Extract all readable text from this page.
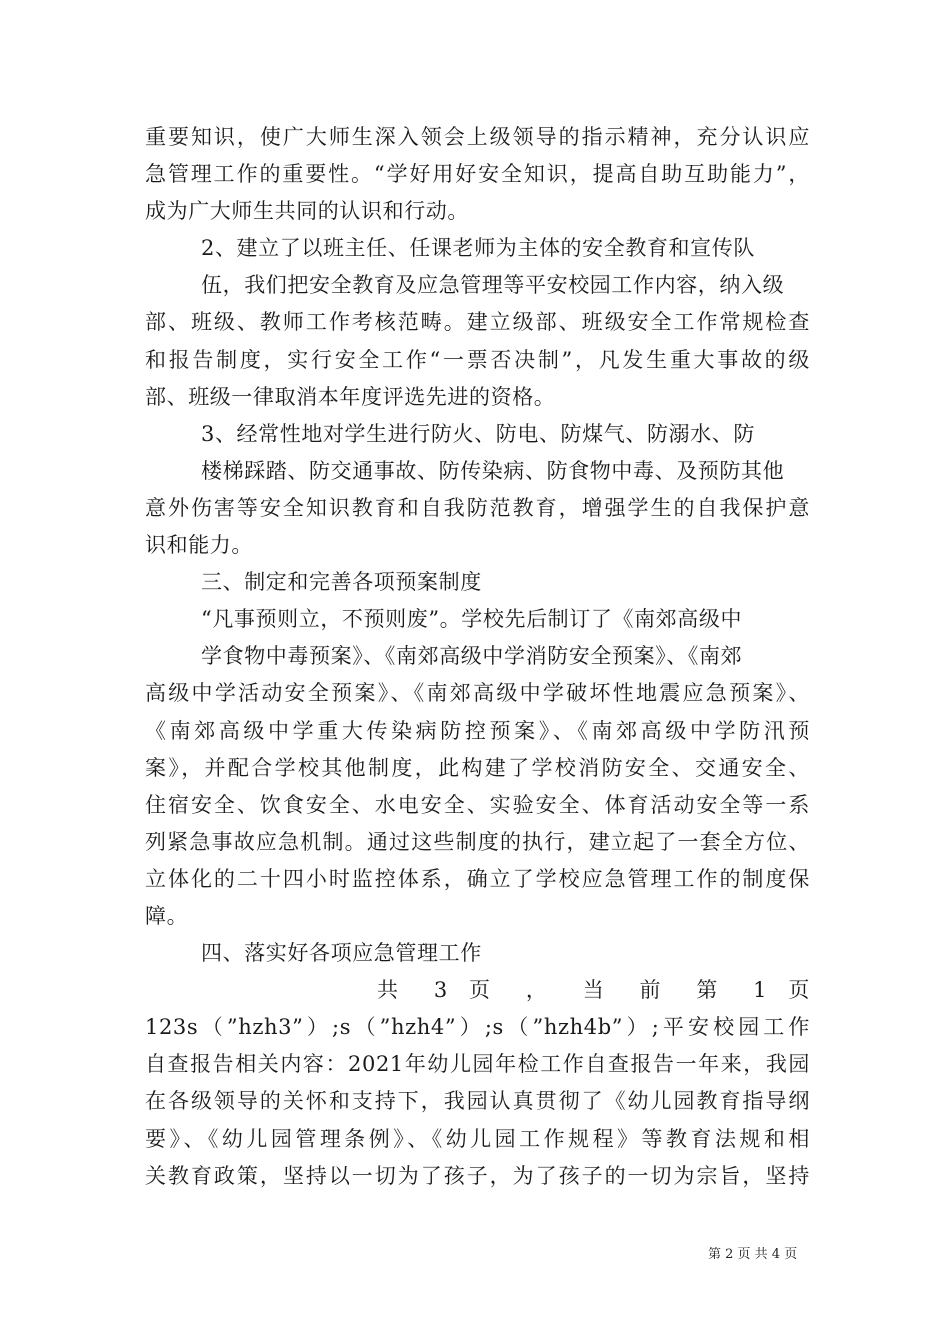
重要知识，使广大师生深入领会上级领导的指示精神，充分认识应
急管理工作的重要性。“学好用好安全知识，提高自助互助能力”，
成为广大师生共同的认识和行动。
2、建立了以班主任、任课老师为主体的安全教育和宣传队
伍，我们把安全教育及应急管理等平安校园工作内容，纳入级
部、班级、教师工作考核范畴。建立级部、班级安全工作常规检查
和报告制度，实行安全工作“一票否决制”，凡发生重大事故的级
部、班级一律取消本年度评选先进的资格。
3、经常性地对学生进行防火、防电、防煤气、防溺水、防
楼梯踩踏、防交通事故、防传染病、防食物中毒、及预防其他
意外伤害等安全知识教育和自我防范教育，增强学生的自我保护意
识和能力。
三、制定和完善各项预案制度
“凡事预则立，不预则废”。学校先后制订了《南郊高级中
学食物中毒预案》、《南郊高级中学消防安全预案》、《南郊
高级中学活动安全预案》、《南郊高级中学破坏性地震应急预案》、
《南郊高级中学重大传染病防控预案》、《南郊高级中学防汛预
案》，并配合学校其他制度，此构建了学校消防安全、交通安全、
住宿安全、饮食安全、水电安全、实验安全、体育活动安全等一系
列紧急事故应急机制。通过这些制度的执行，建立起了一套全方位、
立体化的二十四小时监控体系，确立了学校应急管理工作的制度保
障。
四、落实好各项应急管理工作
共 3 页 ， 当 前 第 1 页
123s（”hzh3”）;s（”hzh4”）;s（”hzh4b”）;平安校园工作
自查报告相关内容：2021年幼儿园年检工作自查报告一年来，我园
在各级领导的关怀和支持下，我园认真贯彻了《幼儿园教育指导纲
要》、《幼儿园管理条例》、《幼儿园工作规程》等教育法规和相
关教育政策，坚持以一切为了孩子，为了孩子的一切为宗旨，坚持
第 2 页 共 4 页
